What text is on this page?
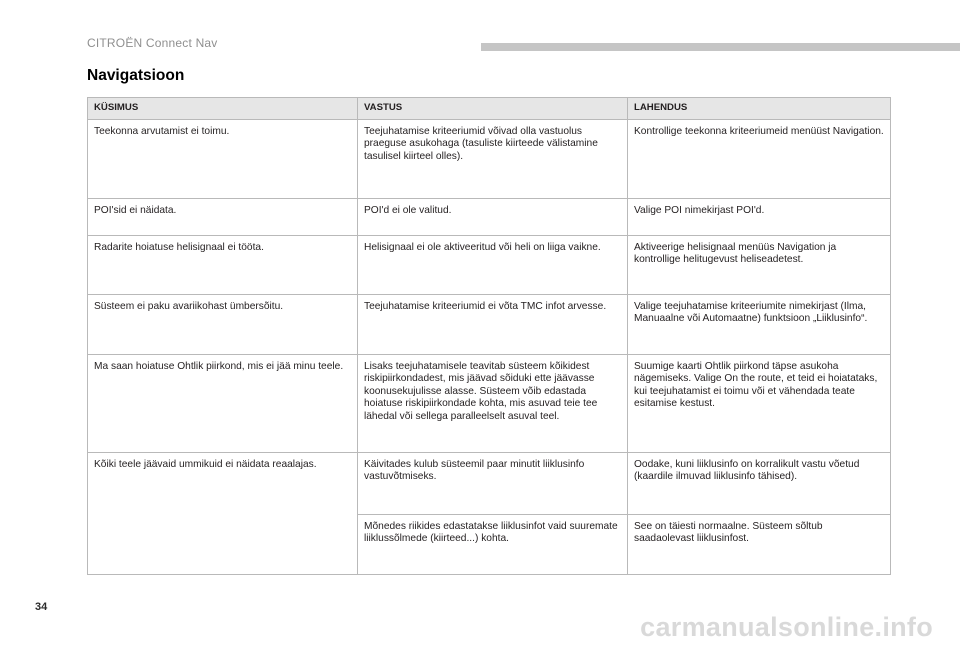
CITROËN Connect Nav
Navigatsioon
KÜSIMUS	VASTUS	LAHENDUS
Teekonna arvutamist ei toimu.	Teejuhatamise kriteeriumid võivad olla vastuolus praeguse asukohaga (tasuliste kiirteede välistamine tasulisel kiirteel olles).	Kontrollige teekonna kriteeriumeid menüüst Navigation.
POI'sid ei näidata.	POI'd ei ole valitud.	Valige POI nimekirjast POI'd.
Radarite hoiatuse helisignaal ei tööta.	Helisignaal ei ole aktiveeritud või heli on liiga vaikne.	Aktiveerige helisignaal menüüs Navigation ja kontrollige helitugevust heliseadetest.
Süsteem ei paku avariikohast ümbersõitu.	Teejuhatamise kriteeriumid ei võta TMC infot arvesse.	Valige teejuhatamise kriteeriumite nimekirjast (Ilma, Manuaalne või Automaatne) funktsioon „Liiklusinfo“.
Ma saan hoiatuse Ohtlik piirkond, mis ei jää minu teele.	Lisaks teejuhatamisele teavitab süsteem kõikidest riskipiirkondadest, mis jäävad sõiduki ette jäävasse koonusekujulisse alasse. Süsteem võib edastada hoiatuse riskipiirkondade kohta, mis asuvad teie tee lähedal või sellega paralleelselt asuval teel.	Suumige kaarti Ohtlik piirkond täpse asukoha nägemiseks. Valige On the route, et teid ei hoiatataks, kui teejuhatamist ei toimu või et vähendada teate esitamise kestust.
Kõiki teele jäävaid ummikuid ei näidata reaalajas.	Käivitades kulub süsteemil paar minutit liiklusinfo vastuvõtmiseks.	Oodake, kuni liiklusinfo on korralikult vastu võetud (kaardile ilmuvad liiklusinfo tähised).
	Mõnedes riikides edastatakse liiklusinfot vaid suuremate liiklussõlmede (kiirteed...) kohta.	See on täiesti normaalne. Süsteem sõltub saadaolevast liiklusinfost.
34
carmanualsonline.info
